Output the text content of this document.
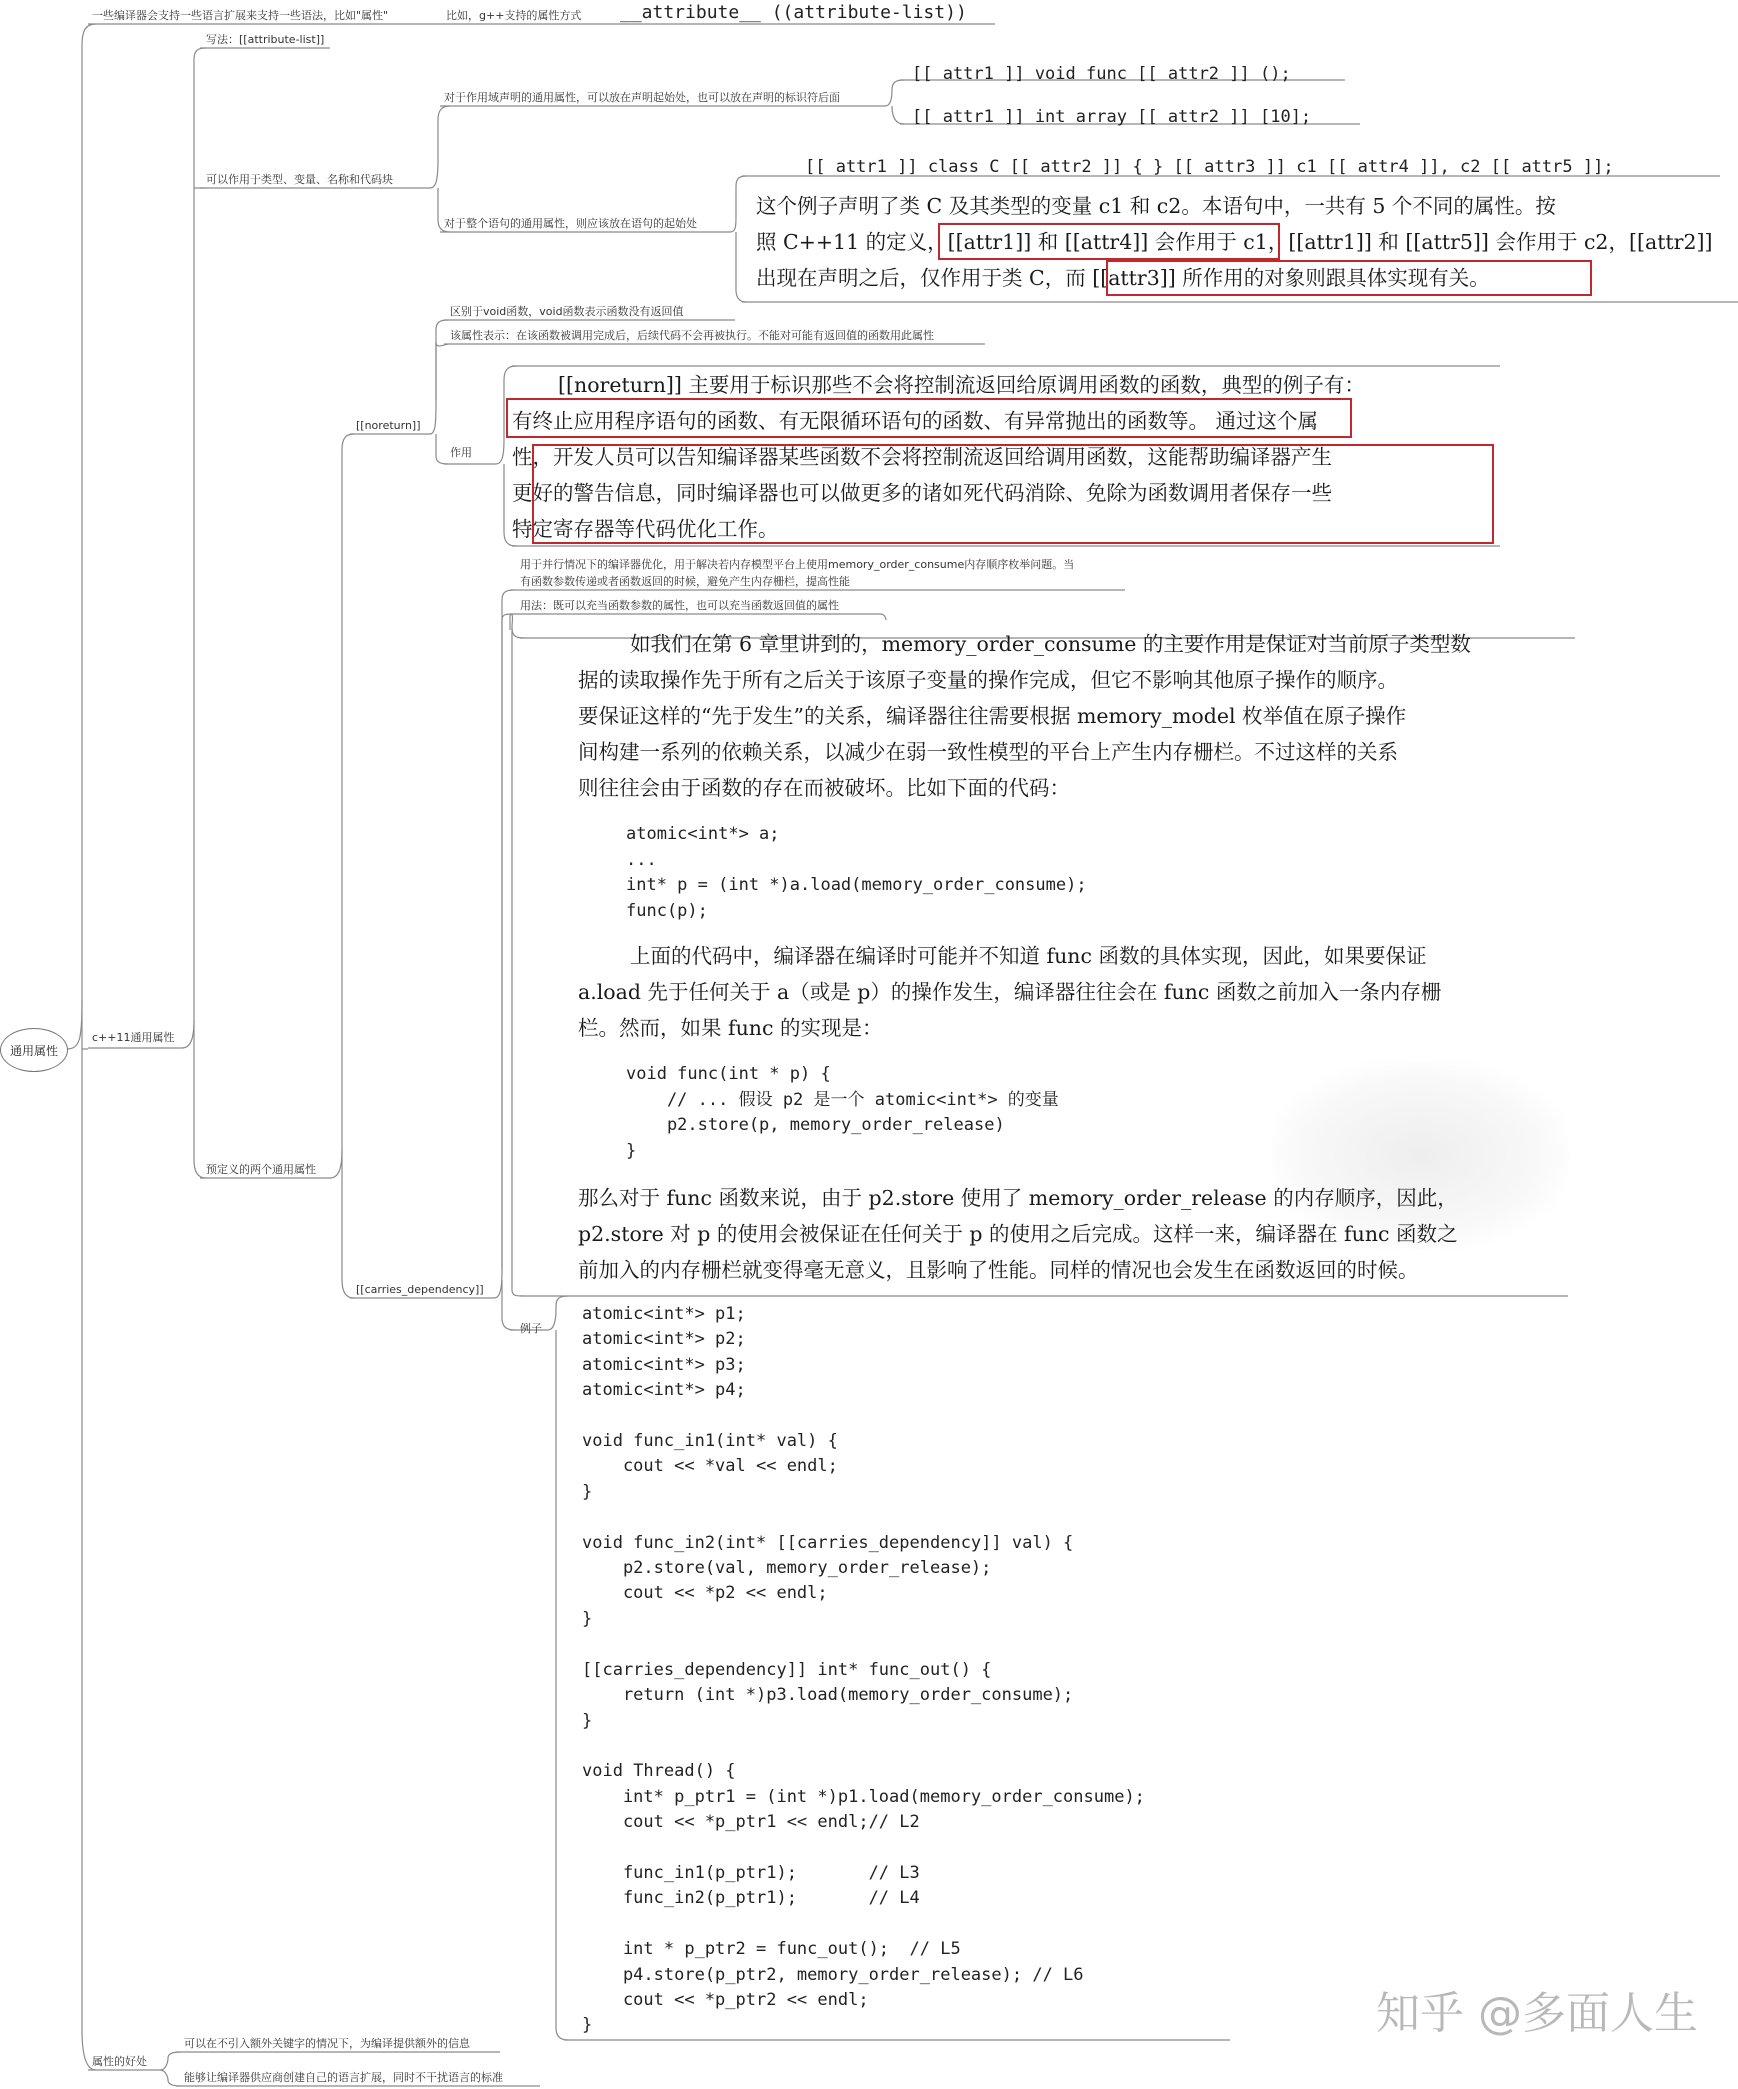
通用属性
一些编译器会支持一些语言扩展来支持一些语法，比如"属性"	比如，g++支持的属性方式 __attribute__ ((attribute-list))
c++11通用属性
写法：[[attribute-list]]
可以作用于类型、变量、名称和代码块
对于作用域声明的通用属性，可以放在声明起始处，也可以放在声明的标识符后面
[[ attr1 ]] void func [[ attr2 ]] ();
[[ attr1 ]] int array [[ attr2 ]] [10];
对于整个语句的通用属性，则应该放在语句的起始处
[[ attr1 ]] class C [[ attr2 ]] { } [[ attr3 ]] c1 [[ attr4 ]], c2 [[ attr5 ]];
这个例子声明了类 C 及其类型的变量 c1 和 c2。本语句中，一共有 5 个不同的属性。按
照 C++11 的定义，[[attr1]] 和 [[attr4]] 会作用于 c1，[[attr1]] 和 [[attr5]] 会作用于 c2，[[attr2]]
出现在声明之后，仅作用于类 C，而 [[attr3]] 所作用的对象则跟具体实现有关。
预定义的两个通用属性
[[noreturn]]
区别于void函数，void函数表示函数没有返回值
该属性表示：在该函数被调用完成后，后续代码不会再被执行。不能对可能有返回值的函数用此属性
作用
[[noreturn]] 主要用于标识那些不会将控制流返回给原调用函数的函数，典型的例子有：
有终止应用程序语句的函数、有无限循环语句的函数、有异常抛出的函数等。 通过这个属
性，开发人员可以告知编译器某些函数不会将控制流返回给调用函数，这能帮助编译器产生
更好的警告信息，同时编译器也可以做更多的诸如死代码消除、免除为函数调用者保存一些
特定寄存器等代码优化工作。
[[carries_dependency]]
用于并行情况下的编译器优化，用于解决若内存模型平台上使用memory_order_consume内存顺序枚举问题。当
有函数参数传递或者函数返回的时候，避免产生内存栅栏，提高性能
用法：既可以充当函数参数的属性，也可以充当函数返回值的属性
如我们在第 6 章里讲到的，memory_order_consume 的主要作用是保证对当前原子类型数
据的读取操作先于所有之后关于该原子变量的操作完成，但它不影响其他原子操作的顺序。
要保证这样的“先于发生”的关系，编译器往往需要根据 memory_model 枚举值在原子操作
间构建一系列的依赖关系，以减少在弱一致性模型的平台上产生内存栅栏。不过这样的关系
则往往会由于函数的存在而被破坏。比如下面的代码：
atomic<int*> a;
...
int* p = (int *)a.load(memory_order_consume);
func(p);
上面的代码中，编译器在编译时可能并不知道 func 函数的具体实现，因此，如果要保证
a.load 先于任何关于 a（或是 p）的操作发生，编译器往往会在 func 函数之前加入一条内存栅
栏。然而，如果 func 的实现是：
void func(int * p) {
// ... 假设 p2 是一个 atomic<int*> 的变量
p2.store(p, memory_order_release)
}
那么对于 func 函数来说，由于 p2.store 使用了 memory_order_release 的内存顺序，因此，
p2.store 对 p 的使用会被保证在任何关于 p 的使用之后完成。这样一来，编译器在 func 函数之
前加入的内存栅栏就变得毫无意义，且影响了性能。同样的情况也会发生在函数返回的时候。
例子
atomic<int*> p1;
atomic<int*> p2;
atomic<int*> p3;
atomic<int*> p4;

void func_in1(int* val) {
cout << *val << endl;
}

void func_in2(int* [[carries_dependency]] val) {
p2.store(val, memory_order_release);
cout << *p2 << endl;
}

[[carries_dependency]] int* func_out() {
return (int *)p3.load(memory_order_consume);
}

void Thread() {
int* p_ptr1 = (int *)p1.load(memory_order_consume);
cout << *p_ptr1 << endl;// L2

func_in1(p_ptr1);       // L3
func_in2(p_ptr1);       // L4

int * p_ptr2 = func_out();  // L5
p4.store(p_ptr2, memory_order_release); // L6
cout << *p_ptr2 << endl;
}
属性的好处
可以在不引入额外关键字的情况下，为编译提供额外的信息
能够让编译器供应商创建自己的语言扩展，同时不干扰语言的标准
知乎 @多面人生
